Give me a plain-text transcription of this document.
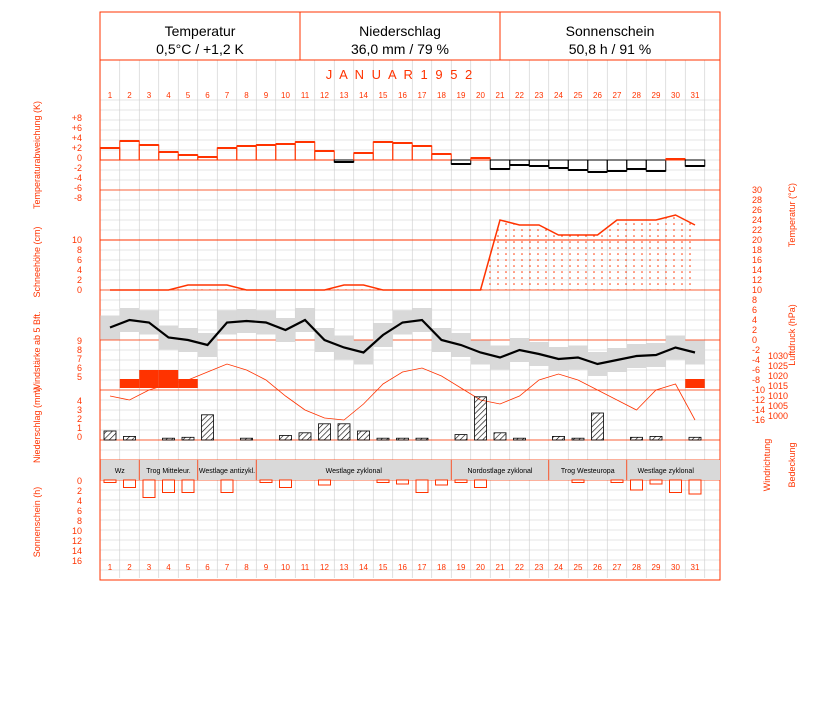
Temperatur
0,5°C / +1,2 K
Niederschlag
36,0 mm / 79 %
Sonnenschein
50,8 h / 91 %
J A N U A R 1 9 5 2
1
1
2
2
3
3
4
4
5
5
6
6
7
7
8
8
9
9
10
10
11
11
12
12
13
13
14
14
15
15
16
16
17
17
18
18
19
19
20
20
21
21
22
22
23
23
24
24
25
25
26
26
27
27
28
28
29
29
30
30
31
31
+8
+6
+4
+2
0
-2
-4
-6
-8
30
28
26
24
22
20
18
16
14
12
10
8
6
4
2
0
-2
-4
-6
-8
-10
-12
-14
-16
10
8
6
4
2
0
9
8
7
6
5
1030
1025
1020
1015
1010
1005
1000
4
3
2
1
0
0
2
4
6
8
10
12
14
16
Temperaturabweichung (K)
Schneehöhe (cm)
Windstärke ab 5 Bft.
Niederschlag (mm)
Sonnenschein (h)
Temperatur (°C)
Luftdruck (hPa)
Windrichtung Bedeckung
Wz	Trog Mitteleur. Westlage antizykl.	Westlage zyklonal	Nordostlage zyklonal	Trog Westeuropa	Westlage zyklonal
